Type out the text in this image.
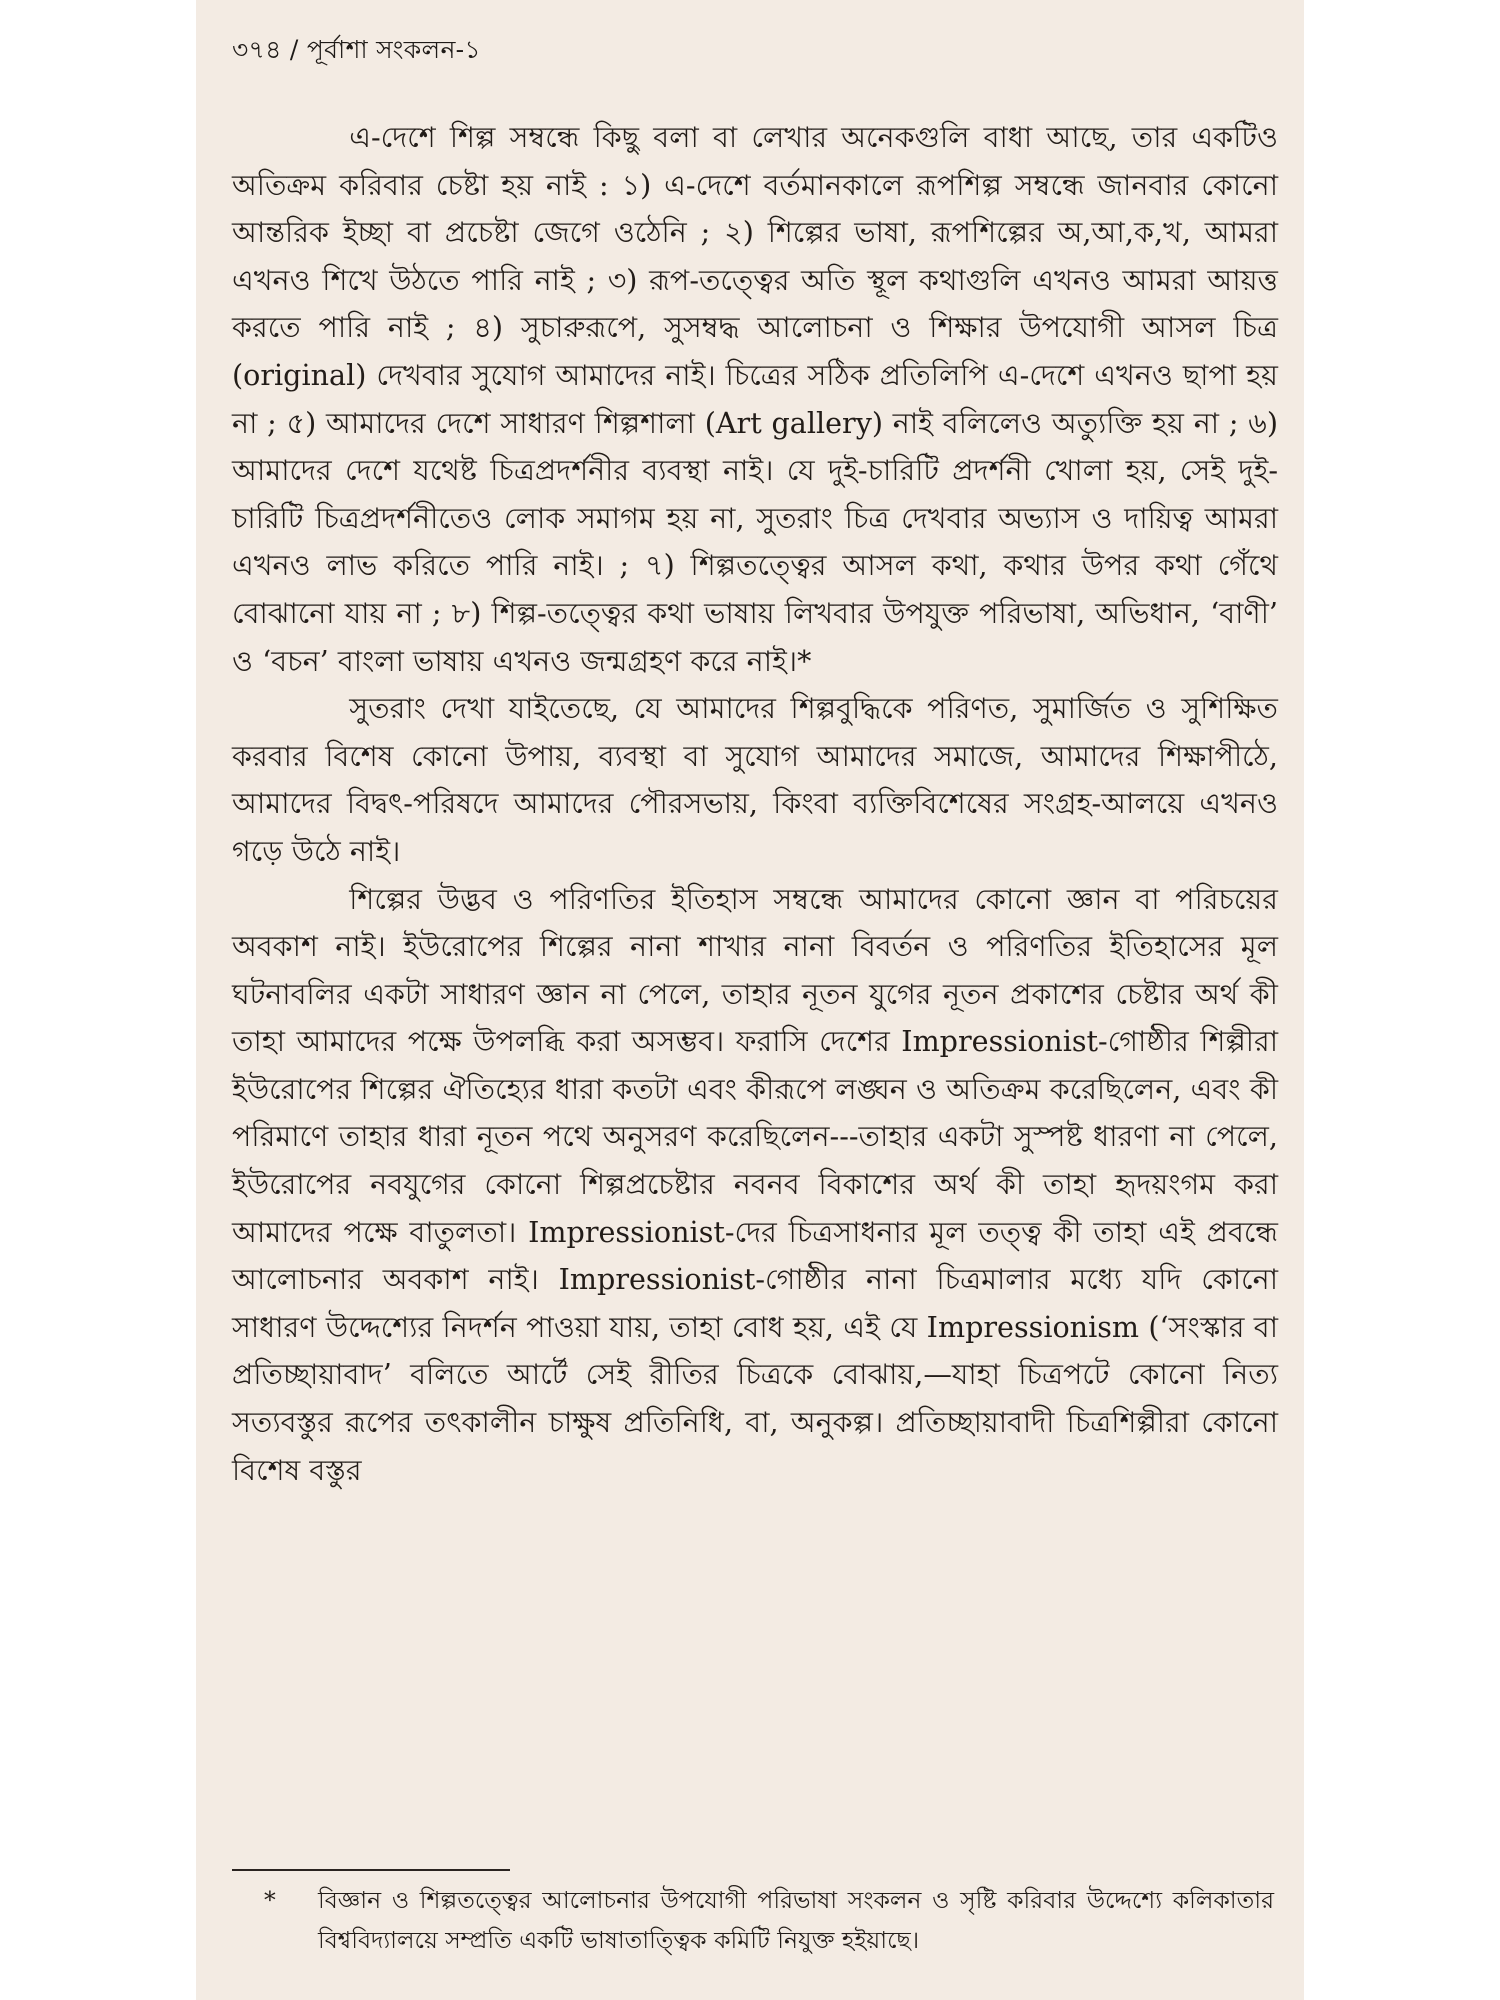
৩৭৪ / পূর্বাশা সংকলন-১

এ-দেশে শিল্প সম্বন্ধে কিছু বলা বা লেখার অনেকগুলি বাধা আছে, তার একটিও অতিক্রম করিবার চেষ্টা হয় নাই : ১) এ-দেশে বর্তমানকালে রূপশিল্প সম্বন্ধে জানবার কোনো আন্তরিক ইচ্ছা বা প্রচেষ্টা জেগে ওঠেনি ; ২) শিল্পের ভাষা, রূপশিল্পের অ,আ,ক,খ, আমরা এখনও শিখে উঠতে পারি নাই ; ৩) রূপ-তত্ত্বের অতি স্থূল কথাগুলি এখনও আমরা আয়ত্ত করতে পারি নাই ; ৪) সুচারুরূপে, সুসম্বদ্ধ আলোচনা ও শিক্ষার উপযোগী আসল চিত্র (original) দেখবার সুযোগ আমাদের নাই। চিত্রের সঠিক প্রতিলিপি এ-দেশে এখনও ছাপা হয় না ; ৫) আমাদের দেশে সাধারণ শিল্পশালা (Art gallery) নাই বলিলেও অত্যুক্তি হয় না ; ৬) আমাদের দেশে যথেষ্ট চিত্রপ্রদর্শনীর ব্যবস্থা নাই। যে দুই-চারিটি প্রদর্শনী খোলা হয়, সেই দুই-চারিটি চিত্রপ্রদর্শনীতেও লোক সমাগম হয় না, সুতরাং চিত্র দেখবার অভ্যাস ও দায়িত্ব আমরা এখনও লাভ করিতে পারি নাই। ; ৭) শিল্পতত্ত্বের আসল কথা, কথার উপর কথা গেঁথে বোঝানো যায় না ; ৮) শিল্প-তত্ত্বের কথা ভাষায় লিখবার উপযুক্ত পরিভাষা, অভিধান, ‘বাণী’ ও ‘বচন’ বাংলা ভাষায় এখনও জন্মগ্রহণ করে নাই।*

সুতরাং দেখা যাইতেছে, যে আমাদের শিল্পবুদ্ধিকে পরিণত, সুমার্জিত ও সুশিক্ষিত করবার বিশেষ কোনো উপায়, ব্যবস্থা বা সুযোগ আমাদের সমাজে, আমাদের শিক্ষাপীঠে, আমাদের বিদ্বৎ-পরিষদে আমাদের পৌরসভায়, কিংবা ব্যক্তিবিশেষের সংগ্রহ-আলয়ে এখনও গড়ে উঠে নাই।

শিল্পের উদ্ভব ও পরিণতির ইতিহাস সম্বন্ধে আমাদের কোনো জ্ঞান বা পরিচয়ের অবকাশ নাই। ইউরোপের শিল্পের নানা শাখার নানা বিবর্তন ও পরিণতির ইতিহাসের মূল ঘটনাবলির একটা সাধারণ জ্ঞান না পেলে, তাহার নূতন যুগের নূতন প্রকাশের চেষ্টার অর্থ কী তাহা আমাদের পক্ষে উপলব্ধি করা অসম্ভব। ফরাসি দেশের Impressionist-গোষ্ঠীর শিল্পীরা ইউরোপের শিল্পের ঐতিহ্যের ধারা কতটা এবং কীরূপে লঙ্ঘন ও অতিক্রম করেছিলেন, এবং কী পরিমাণে তাহার ধারা নূতন পথে অনুসরণ করেছিলেন---তাহার একটা সুস্পষ্ট ধারণা না পেলে, ইউরোপের নবযুগের কোনো শিল্পপ্রচেষ্টার নবনব বিকাশের অর্থ কী তাহা হৃদয়ংগম করা আমাদের পক্ষে বাতুলতা। Impressionist-দের চিত্রসাধনার মূল তত্ত্ব কী তাহা এই প্রবন্ধে আলোচনার অবকাশ নাই। Impressionist-গোষ্ঠীর নানা চিত্রমালার মধ্যে যদি কোনো সাধারণ উদ্দেশ্যের নিদর্শন পাওয়া যায়, তাহা বোধ হয়, এই যে Impressionism (‘সংস্কার বা প্রতিচ্ছায়াবাদ’ বলিতে আর্টে সেই রীতির চিত্রকে বোঝায়,—যাহা চিত্রপটে কোনো নিত্য সত্যবস্তুর রূপের তৎকালীন চাক্ষুষ প্রতিনিধি, বা, অনুকল্প। প্রতিচ্ছায়াবাদী চিত্রশিল্পীরা কোনো বিশেষ বস্তুর

* বিজ্ঞান ও শিল্পতত্ত্বের আলোচনার উপযোগী পরিভাষা সংকলন ও সৃষ্টি করিবার উদ্দেশ্যে কলিকাতার বিশ্ববিদ্যালয়ে সম্প্রতি একটি ভাষাতাত্ত্বিক কমিটি নিযুক্ত হইয়াছে।
